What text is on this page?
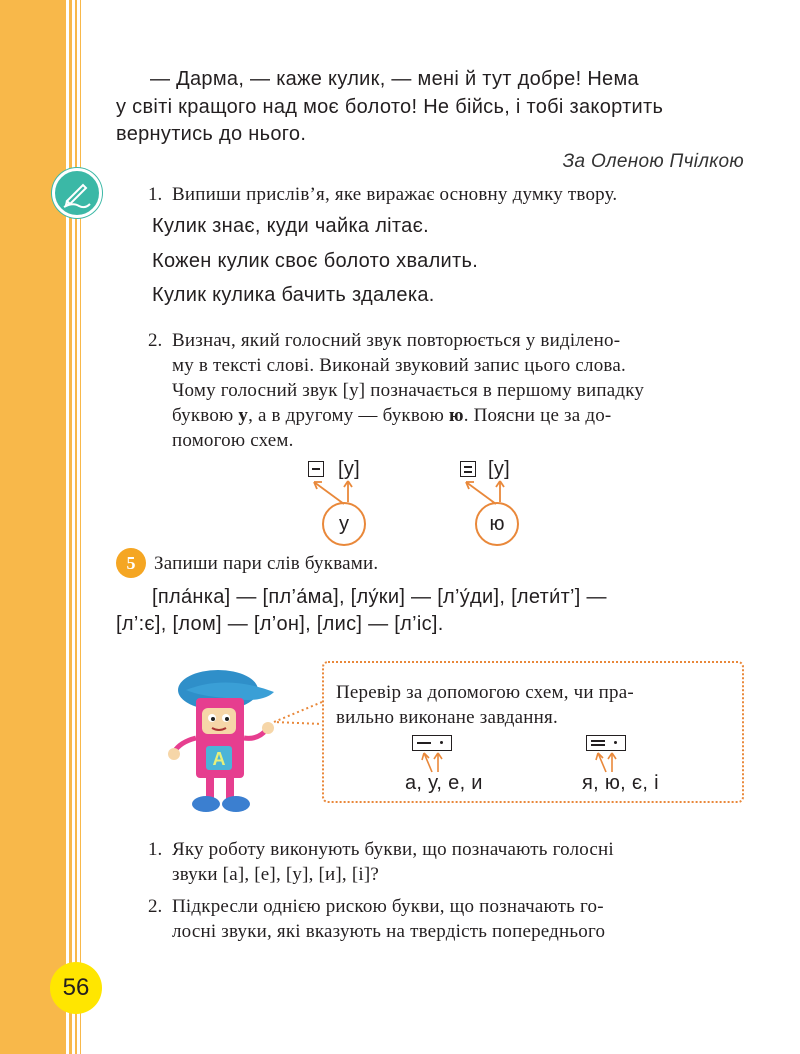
— Дарма, — каже кулик, — мені й тут добре! Нема
у світі кращого над моє болото! Не бійсь, і тобі закортить
вернутись до нього.
За Оленою Пчілкою
1. Випиши прислів’я, яке виражає основну думку твору.
Кулик знає, куди чайка літає.
Кожен кулик своє болото хвалить.
Кулик кулика бачить здалека.
2. Визнач, який голосний звук повторюється у виділено-
му в тексті слові. Виконай звуковий запис цього слова.
Чому голосний звук [у] позначається в першому випадку
буквою у, а в другому — буквою ю. Поясни це за до-
помогою схем.
[у]	[у]
у	ю
5 Запиши пари слів буквами.
[пла́нка] — [пл’а́ма], [лу́ки] — [л’у́ди], [лети́т’] —
[л’:є], [лом] — [л’он], [лис] — [л’іс].
A
Перевір за допомогою схем, чи пра-
вильно виконане завдання.
а, у, е, и	я, ю, є, і
1. Яку роботу виконують букви, що позначають голосні
звуки [а], [е], [у], [и], [і]?
2. Підкресли однією рискою букви, що позначають го-
лосні звуки, які вказують на твердість попереднього
56
